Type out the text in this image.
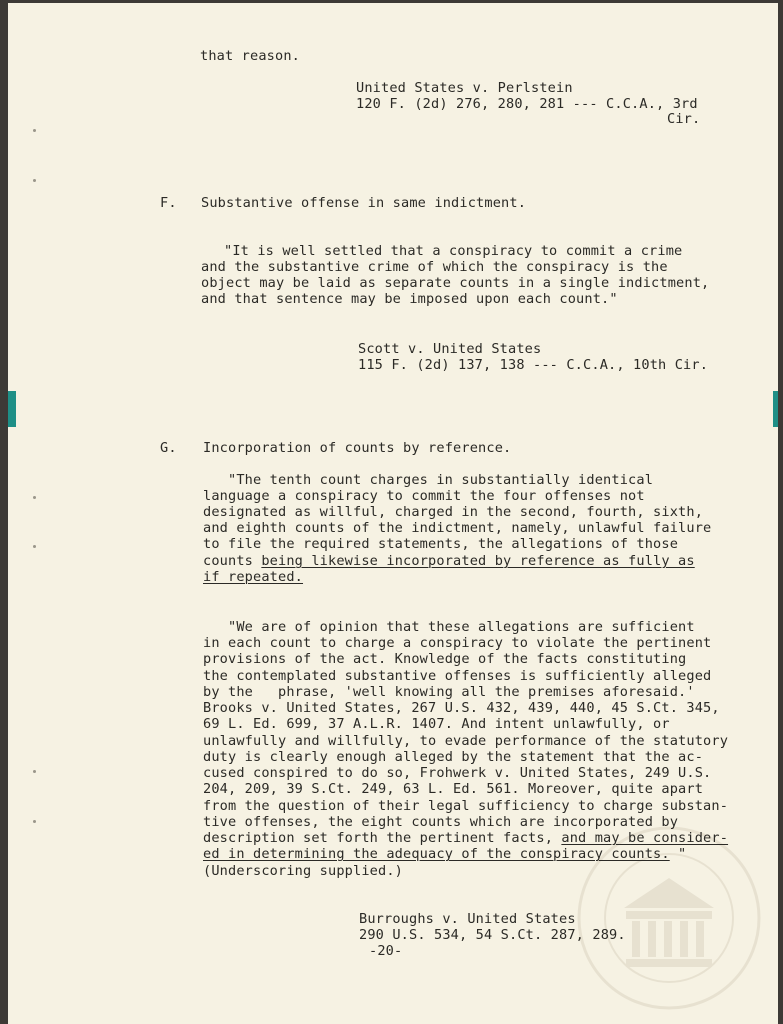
that reason.
United States v. Perlstein
120 F. (2d) 276, 280, 281 --- C.C.A., 3rd
Cir.
F. Substantive offense in same indictment.
"It is well settled that a conspiracy to commit a crime
and the substantive crime of which the conspiracy is the
object may be laid as separate counts in a single indictment,
and that sentence may be imposed upon each count."
Scott v. United States
115 F. (2d) 137, 138 --- C.C.A., 10th Cir.
G. Incorporation of counts by reference.
"The tenth count charges in substantially identical
language a conspiracy to commit the four offenses not
designated as willful, charged in the second, fourth, sixth,
and eighth counts of the indictment, namely, unlawful failure
to file the required statements, the allegations of those
counts being likewise incorporated by reference as fully as
if repeated.
"We are of opinion that these allegations are sufficient
in each count to charge a conspiracy to violate the pertinent
provisions of the act. Knowledge of the facts constituting
the contemplated substantive offenses is sufficiently alleged
by the   phrase, 'well knowing all the premises aforesaid.'
Brooks v. United States, 267 U.S. 432, 439, 440, 45 S.Ct. 345,
69 L. Ed. 699, 37 A.L.R. 1407. And intent unlawfully, or
unlawfully and willfully, to evade performance of the statutory
duty is clearly enough alleged by the statement that the ac-
cused conspired to do so, Frohwerk v. United States, 249 U.S.
204, 209, 39 S.Ct. 249, 63 L. Ed. 561. Moreover, quite apart
from the question of their legal sufficiency to charge substan-
tive offenses, the eight counts which are incorporated by
description set forth the pertinent facts, and may be consider-
ed in determining the adequacy of the conspiracy counts. "
(Underscoring supplied.)
Burroughs v. United States
290 U.S. 534, 54 S.Ct. 287, 289.
-20-
